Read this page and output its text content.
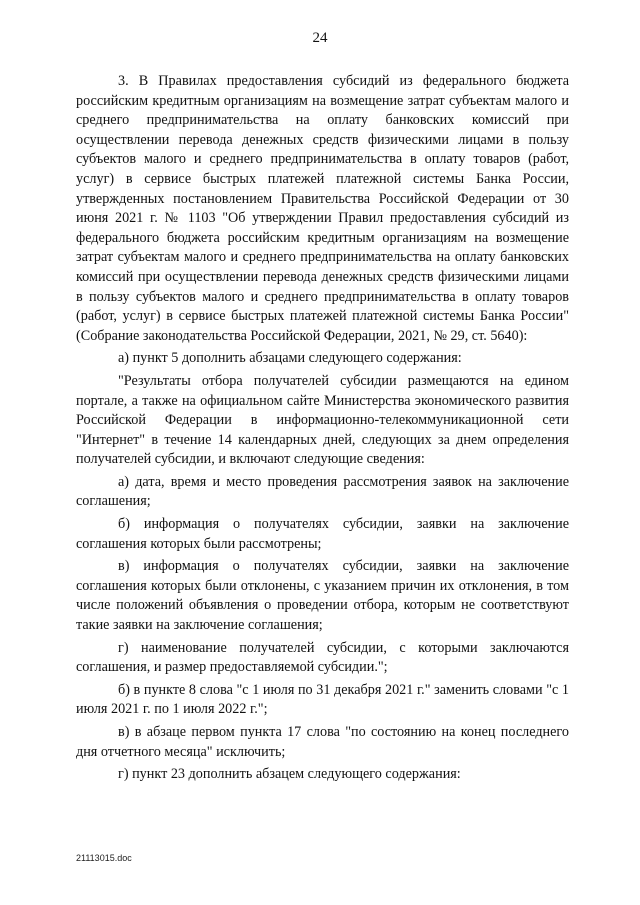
24

3. В Правилах предоставления субсидий из федерального бюджета российским кредитным организациям на возмещение затрат субъектам малого и среднего предпринимательства на оплату банковских комиссий при осуществлении перевода денежных средств физическими лицами в пользу субъектов малого и среднего предпринимательства в оплату товаров (работ, услуг) в сервисе быстрых платежей платежной системы Банка России, утвержденных постановлением Правительства Российской Федерации от 30 июня 2021 г. № 1103 "Об утверждении Правил предоставления субсидий из федерального бюджета российским кредитным организациям на возмещение затрат субъектам малого и среднего предпринимательства на оплату банковских комиссий при осуществлении перевода денежных средств физическими лицами в пользу субъектов малого и среднего предпринимательства в оплату товаров (работ, услуг) в сервисе быстрых платежей платежной системы Банка России" (Собрание законодательства Российской Федерации, 2021, № 29, ст. 5640):

а) пункт 5 дополнить абзацами следующего содержания:

"Результаты отбора получателей субсидии размещаются на едином портале, а также на официальном сайте Министерства экономического развития Российской Федерации в информационно-телекоммуникационной сети "Интернет" в течение 14 календарных дней, следующих за днем определения получателей субсидии, и включают следующие сведения:

а) дата, время и место проведения рассмотрения заявок на заключение соглашения;

б) информация о получателях субсидии, заявки на заключение соглашения которых были рассмотрены;

в) информация о получателях субсидии, заявки на заключение соглашения которых были отклонены, с указанием причин их отклонения, в том числе положений объявления о проведении отбора, которым не соответствуют такие заявки на заключение соглашения;

г) наименование получателей субсидии, с которыми заключаются соглашения, и размер предоставляемой субсидии.";

б) в пункте 8 слова "с 1 июля по 31 декабря 2021 г." заменить словами "с 1 июля 2021 г. по 1 июля 2022 г.";

в) в абзаце первом пункта 17 слова "по состоянию на конец последнего дня отчетного месяца" исключить;

г) пункт 23 дополнить абзацем следующего содержания:

21113015.doc
